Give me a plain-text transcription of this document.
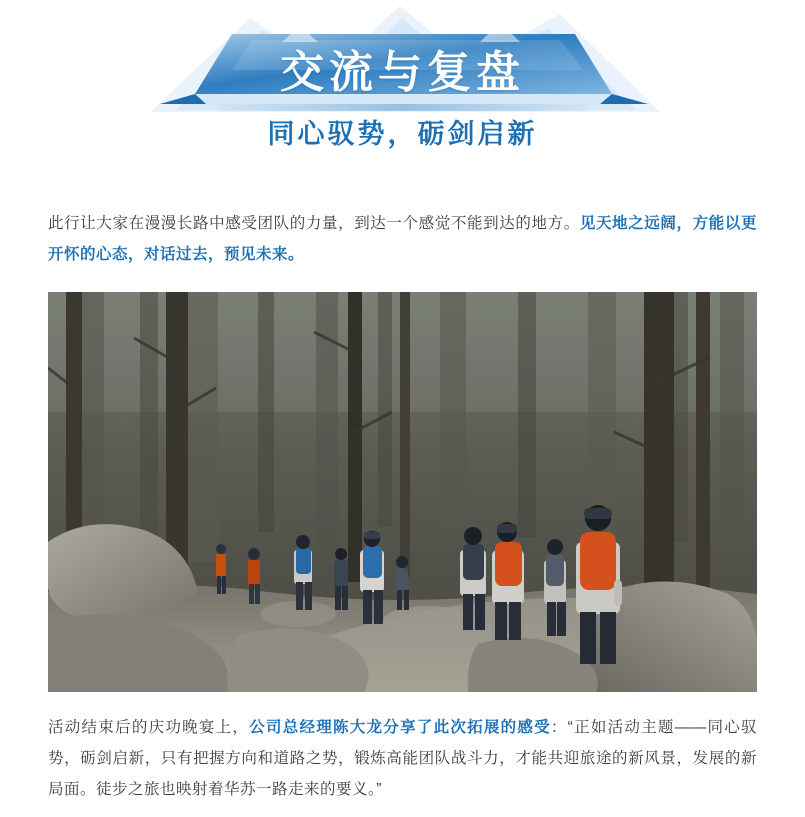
交流与复盘
同心驭势，砺剑启新

此行让大家在漫漫长路中感受团队的力量，到达一个感觉不能到达的地方。见天地之远阔，方能以更开怀的心态，对话过去，预见未来。

活动结束后的庆功晚宴上，公司总经理陈大龙分享了此次拓展的感受：“正如活动主题——同心驭势，砺剑启新，只有把握方向和道路之势，锻炼高能团队战斗力，才能共迎旅途的新风景，发展的新局面。徒步之旅也映射着华苏一路走来的要义。”
